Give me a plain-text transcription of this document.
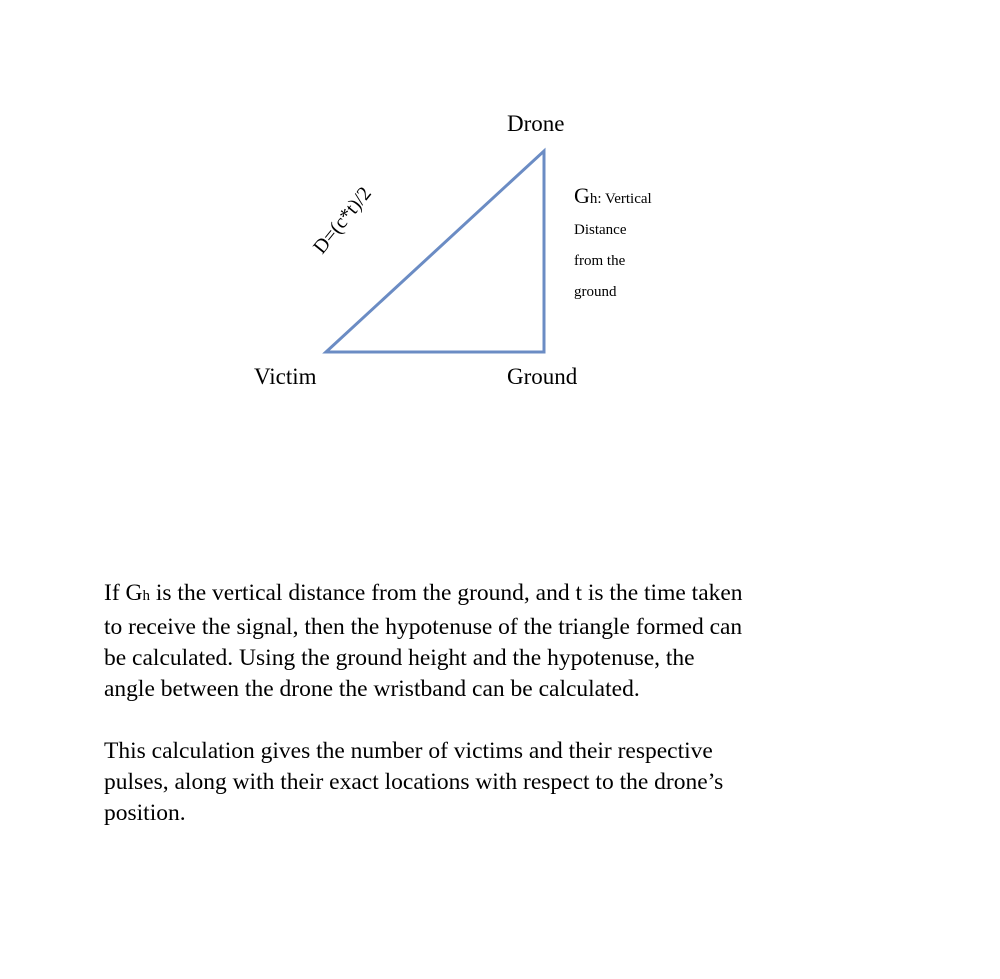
Drone
Victim	Ground
D=(c*t)/2	Gh: Vertical
Distance
from the
ground

If Gh is the vertical distance from the ground, and t is the time taken
to receive the signal, then the hypotenuse of the triangle formed can
be calculated. Using the ground height and the hypotenuse, the
angle between the drone the wristband can be calculated.

This calculation gives the number of victims and their respective
pulses, along with their exact locations with respect to the drone’s
position.
